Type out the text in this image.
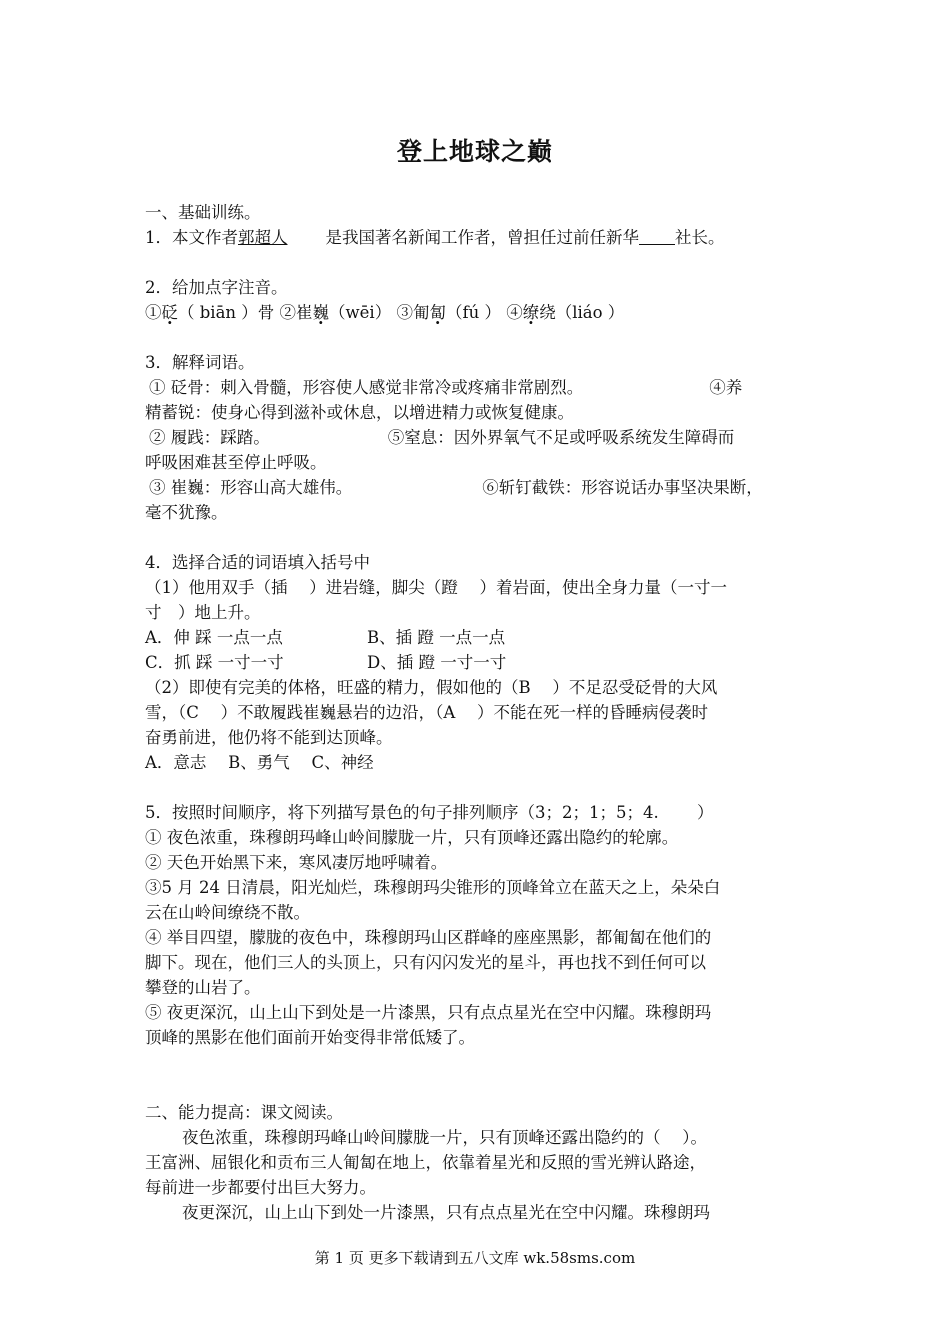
登上地球之巅
一、基础训练。
1．本文作者郭超人 是我国著名新闻工作者，曾担任过前任新华 社长。
2．给加点字注音。
①砭（ biān ）骨 ②崔巍（wēi） ③匍匐（fú ） ④缭绕（liáo ）
3．解释词语。
① 砭骨：刺入骨髓，形容使人感觉非常冷或疼痛非常剧烈。	④养
精蓄锐：使身心得到滋补或休息，以增进精力或恢复健康。
② 履践：踩踏。	⑤窒息：因外界氧气不足或呼吸系统发生障碍而
呼吸困难甚至停止呼吸。
③ 崔巍：形容山高大雄伟。	⑥斩钉截铁：形容说话办事坚决果断，
毫不犹豫。
4．选择合适的词语填入括号中
（1）他用双手（插　 ）进岩缝，脚尖（蹬　 ）着岩面，使出全身力量（一寸一
寸　）地上升。
A．伸 踩 一点一点	B、插 蹬 一点一点
C．抓 踩 一寸一寸	D、插 蹬 一寸一寸
（2）即使有完美的体格，旺盛的精力，假如他的（B　 ）不足忍受砭骨的大风
雪，（C　 ）不敢履践崔巍悬岩的边沿，（A　 ）不能在死一样的昏睡病侵袭时
奋勇前进，他仍将不能到达顶峰。
A．意志　 B、勇气　 C、神经
5．按照时间顺序，将下列描写景色的句子排列顺序（3；2；1；5；4.　　 ）
① 夜色浓重，珠穆朗玛峰山岭间朦胧一片，只有顶峰还露出隐约的轮廓。
② 天色开始黑下来，寒风凄厉地呼啸着。
③5 月 24 日清晨，阳光灿烂，珠穆朗玛尖锥形的顶峰耸立在蓝天之上，朵朵白
云在山岭间缭绕不散。
④ 举目四望，朦胧的夜色中，珠穆朗玛山区群峰的座座黑影，都匍匐在他们的
脚下。现在，他们三人的头顶上，只有闪闪发光的星斗，再也找不到任何可以
攀登的山岩了。
⑤ 夜更深沉，山上山下到处是一片漆黑，只有点点星光在空中闪耀。珠穆朗玛
顶峰的黑影在他们面前开始变得非常低矮了。
二、能力提高：课文阅读。
夜色浓重，珠穆朗玛峰山岭间朦胧一片，只有顶峰还露出隐约的（　 ）。
王富洲、屈银化和贡布三人匍匐在地上，依靠着星光和反照的雪光辨认路途，
每前进一步都要付出巨大努力。
夜更深沉，山上山下到处一片漆黑，只有点点星光在空中闪耀。珠穆朗玛
第 1 页 更多下载请到五八文库 wk.58sms.com
